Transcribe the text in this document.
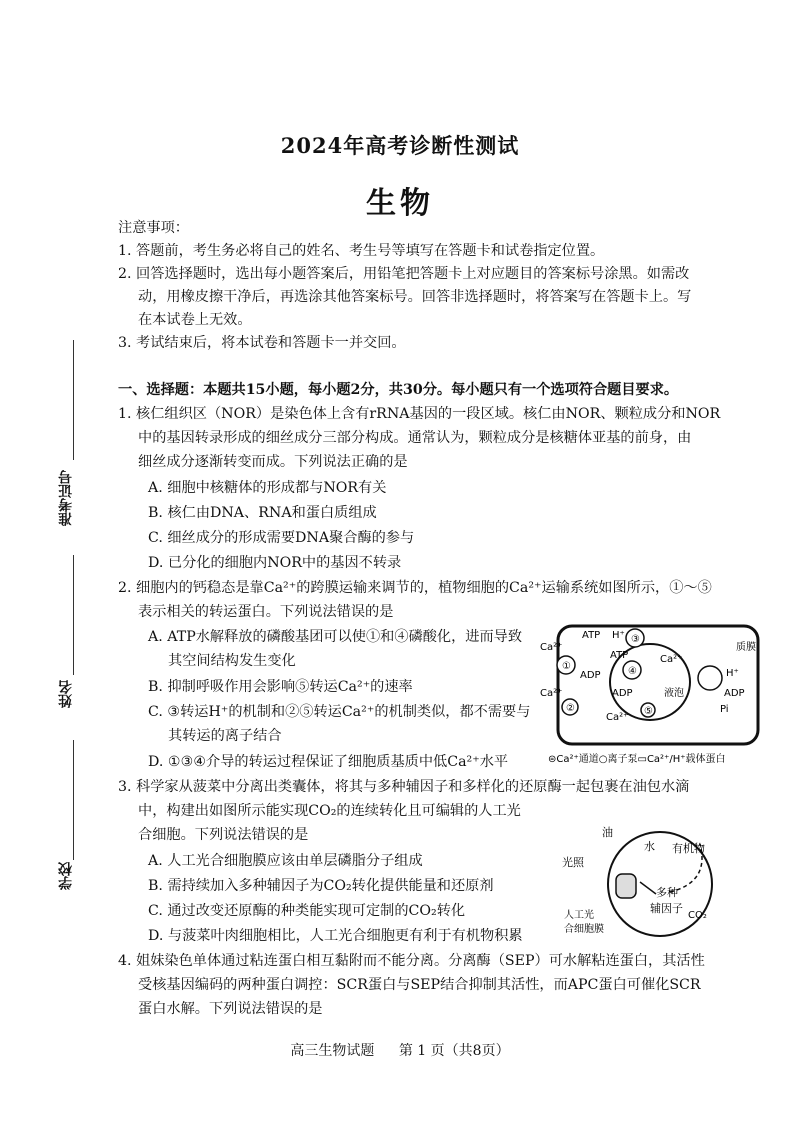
2024年高考诊断性测试
生物
注意事项：
1. 答题前，考生务必将自己的姓名、考生号等填写在答题卡和试卷指定位置。
2. 回答选择题时，选出每小题答案后，用铅笔把答题卡上对应题目的答案标号涂黑。如需改
动，用橡皮擦干净后，再选涂其他答案标号。回答非选择题时，将答案写在答题卡上。写
在本试卷上无效。
3. 考试结束后，将本试卷和答题卡一并交回。
准考证号
姓名
学校
一、选择题：本题共15小题，每小题2分，共30分。每小题只有一个选项符合题目要求。
1. 核仁组织区（NOR）是染色体上含有rRNA基因的一段区域。核仁由NOR、颗粒成分和NOR
中的基因转录形成的细丝成分三部分构成。通常认为，颗粒成分是核糖体亚基的前身，由
细丝成分逐渐转变而成。下列说法正确的是
A. 细胞中核糖体的形成都与NOR有关
B. 核仁由DNA、RNA和蛋白质组成
C. 细丝成分的形成需要DNA聚合酶的参与
D. 已分化的细胞内NOR中的基因不转录
2. 细胞内的钙稳态是靠Ca²⁺的跨膜运输来调节的，植物细胞的Ca²⁺运输系统如图所示，①～⑤
表示相关的转运蛋白。下列说法错误的是
A. ATP水解释放的磷酸基团可以使①和④磷酸化，进而导致
其空间结构发生变化
B. 抑制呼吸作用会影响⑤转运Ca²⁺的速率
C. ③转运H⁺的机制和②⑤转运Ca²⁺的机制类似，都不需要与
其转运的离子结合
D. ①③④介导的转运过程保证了细胞质基质中低Ca²⁺水平
①
②
③
④
⑤
Ca²⁺
ATP H⁺
ADP
Ca²⁺
ATP
ADP
Ca²⁺
Ca²⁺
液泡
质膜
H⁺
ADP
Pi
⊜Ca²⁺通道○离子泵▭Ca²⁺/H⁺载体蛋白
3. 科学家从菠菜中分离出类囊体，将其与多种辅因子和多样化的还原酶一起包裹在油包水滴
中，构建出如图所示能实现CO₂的连续转化且可编辑的人工光
合细胞。下列说法错误的是
A. 人工光合细胞膜应该由单层磷脂分子组成
B. 需持续加入多种辅因子为CO₂转化提供能量和还原剂
C. 通过改变还原酶的种类能实现可定制的CO₂转化
D. 与菠菜叶肉细胞相比，人工光合细胞更有利于有机物积累
油
水 有机物
光照
多种
辅因子
CO₂
人工光
合细胞膜
4. 姐妹染色单体通过粘连蛋白相互黏附而不能分离。分离酶（SEP）可水解粘连蛋白，其活性
受核基因编码的两种蛋白调控：SCR蛋白与SEP结合抑制其活性，而APC蛋白可催化SCR
蛋白水解。下列说法错误的是
高三生物试题 第 1 页（共8页）
